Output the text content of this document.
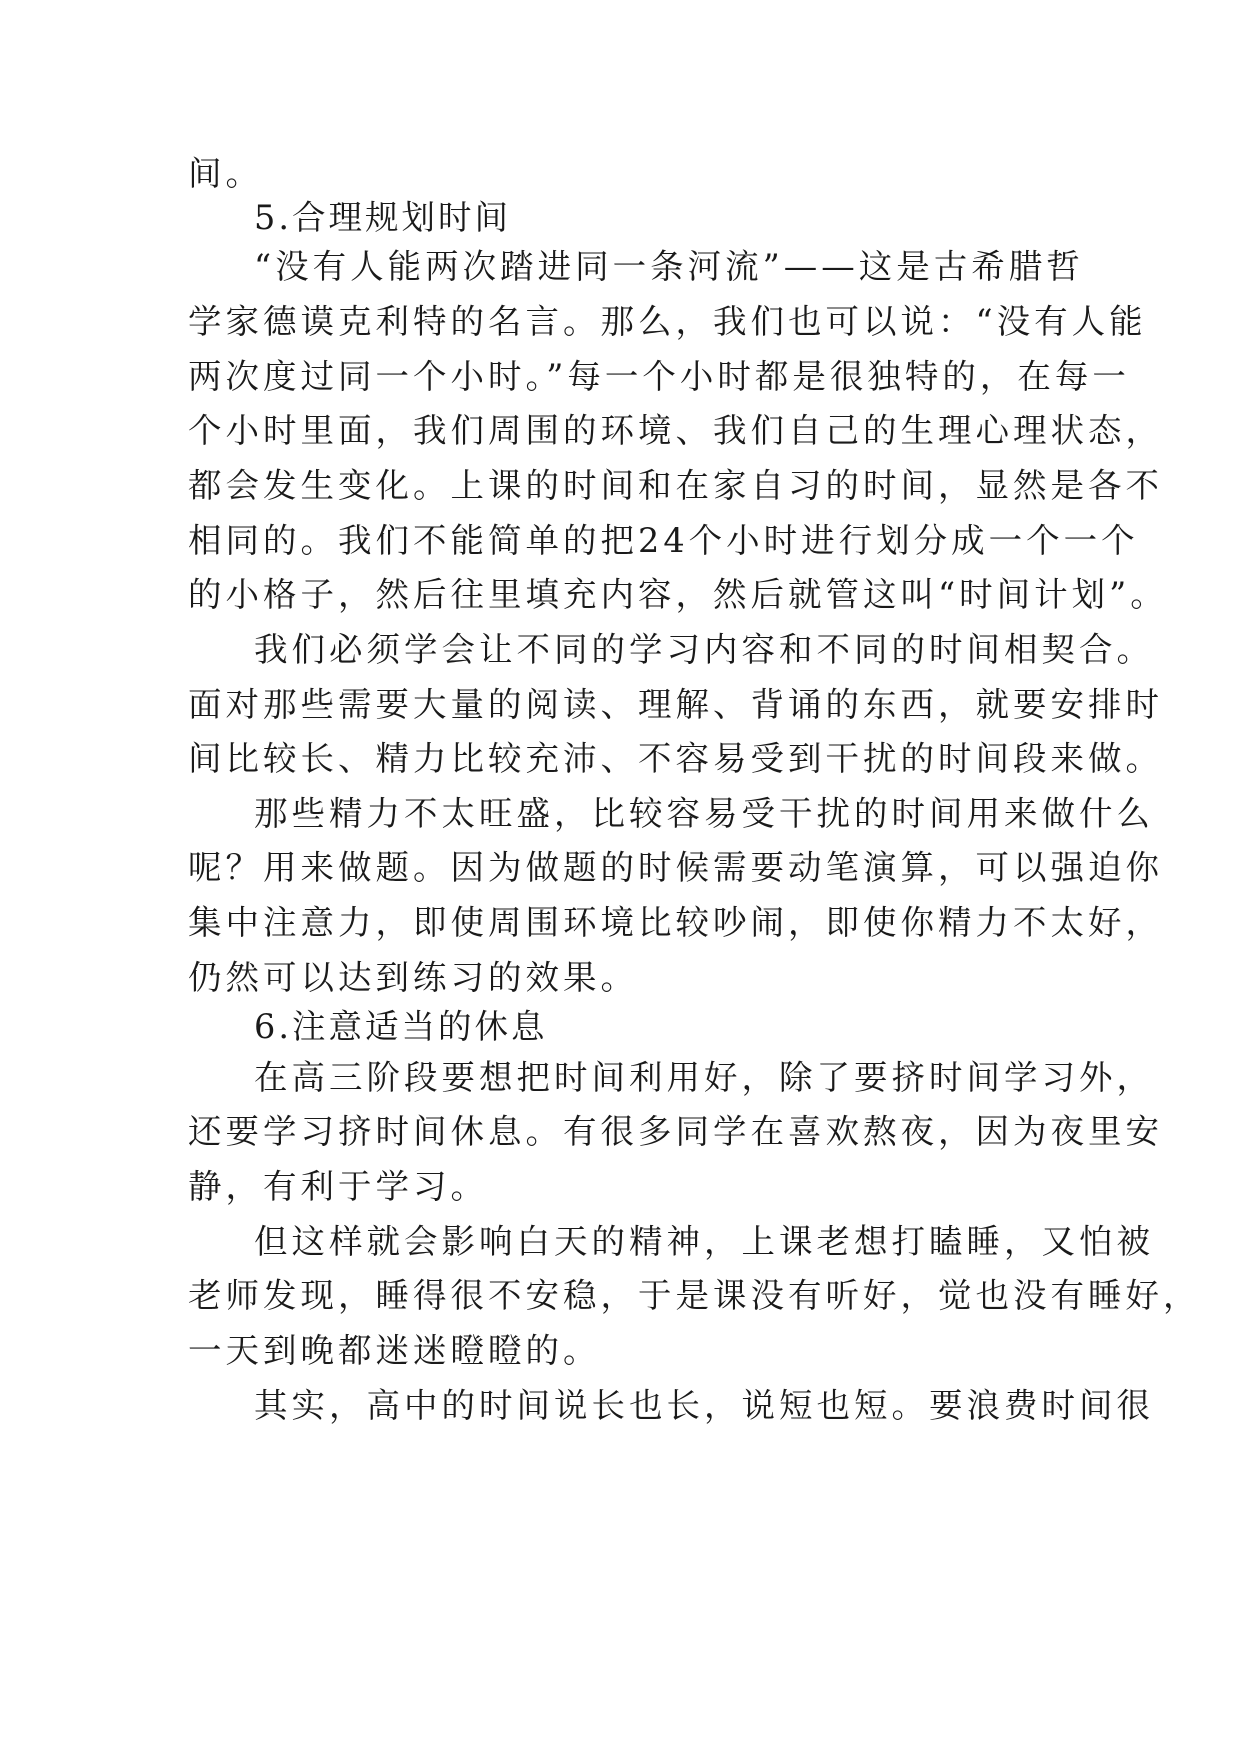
间。
5.合理规划时间
“没有人能两次踏进同一条河流”——这是古希腊哲
学家德谟克利特的名言。那么，我们也可以说：“没有人能
两次度过同一个小时。”每一个小时都是很独特的，在每一
个小时里面，我们周围的环境、我们自己的生理心理状态，
都会发生变化。上课的时间和在家自习的时间，显然是各不
相同的。我们不能简单的把24个小时进行划分成一个一个
的小格子，然后往里填充内容，然后就管这叫“时间计划”。
我们必须学会让不同的学习内容和不同的时间相契合。
面对那些需要大量的阅读、理解、背诵的东西，就要安排时
间比较长、精力比较充沛、不容易受到干扰的时间段来做。
那些精力不太旺盛，比较容易受干扰的时间用来做什么
呢？用来做题。因为做题的时候需要动笔演算，可以强迫你
集中注意力，即使周围环境比较吵闹，即使你精力不太好，
仍然可以达到练习的效果。
6.注意适当的休息
在高三阶段要想把时间利用好，除了要挤时间学习外，
还要学习挤时间休息。有很多同学在喜欢熬夜，因为夜里安
静，有利于学习。
但这样就会影响白天的精神，上课老想打瞌睡，又怕被
老师发现，睡得很不安稳，于是课没有听好，觉也没有睡好，
一天到晚都迷迷瞪瞪的。
其实，高中的时间说长也长，说短也短。要浪费时间很
